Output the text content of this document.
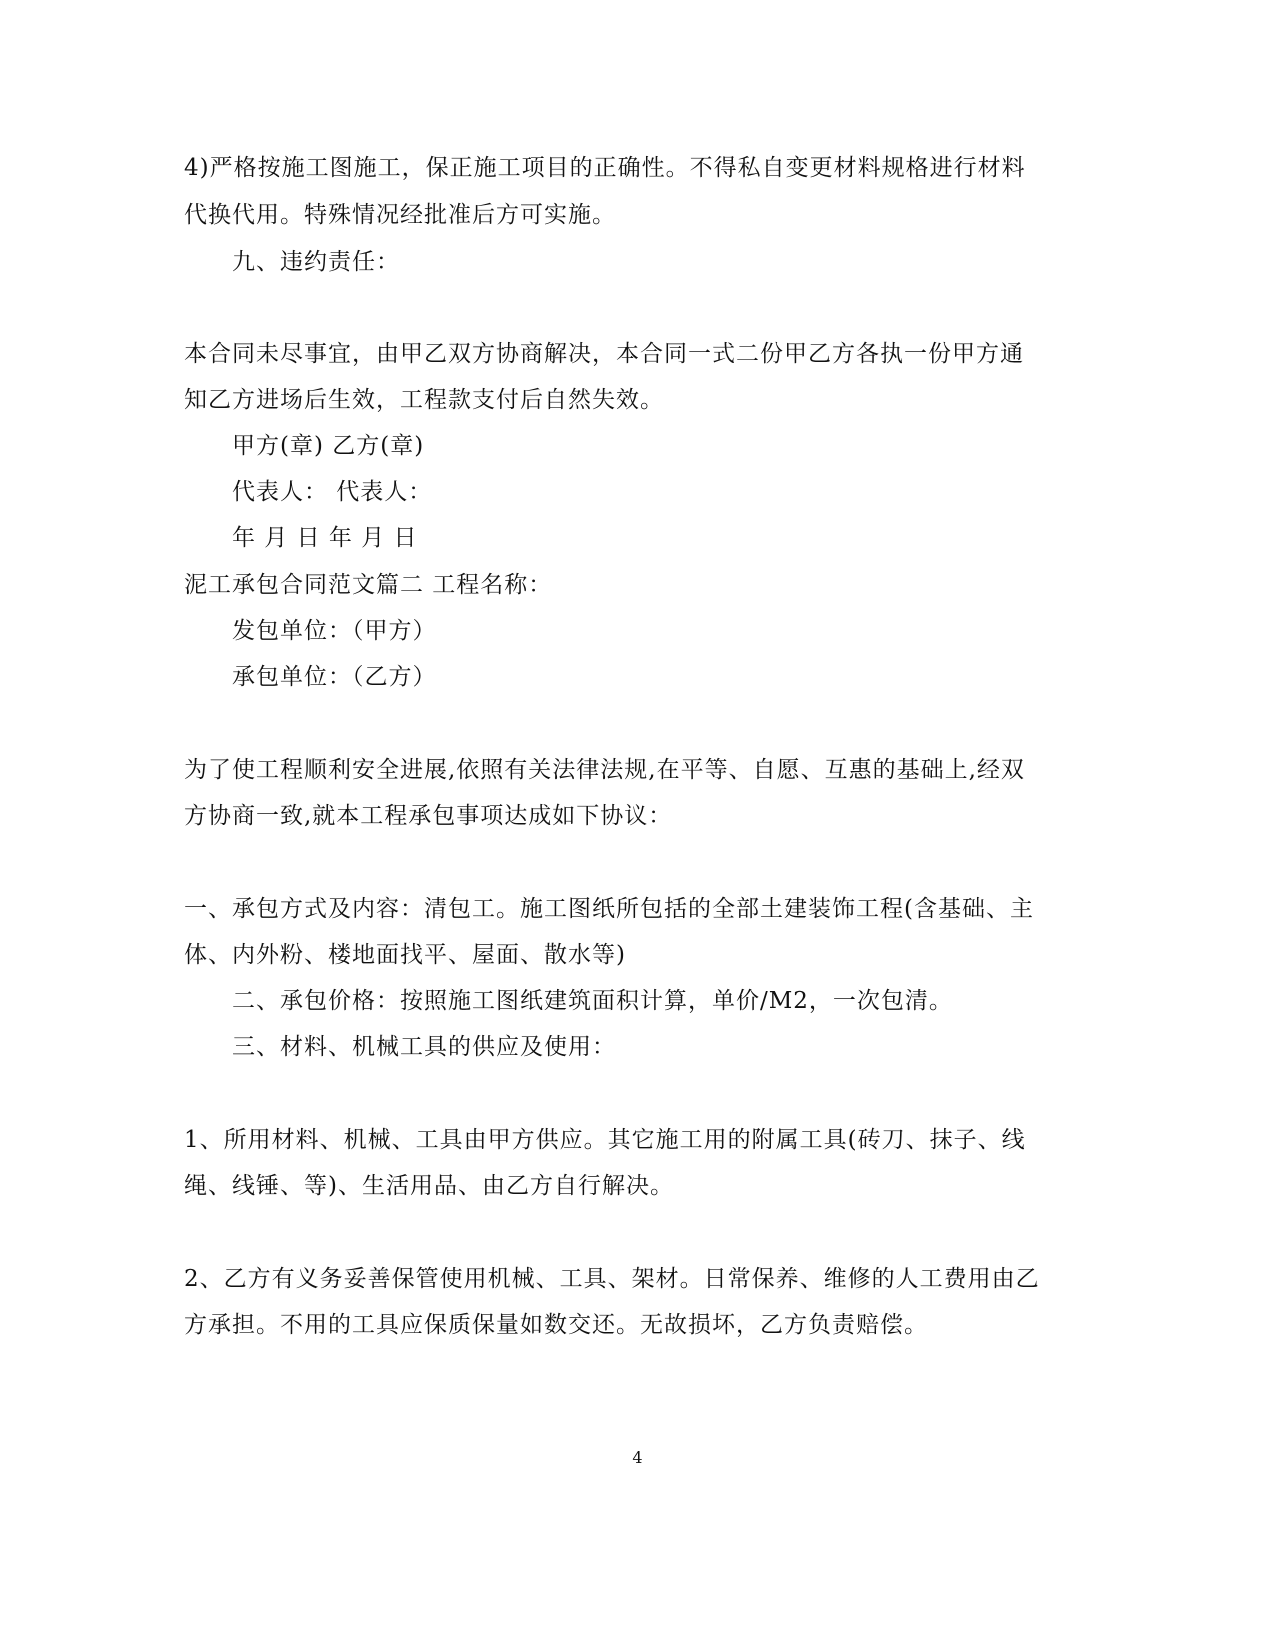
4)严格按施工图施工，保正施工项目的正确性。不得私自变更材料规格进行材料
代换代用。特殊情况经批准后方可实施。
九、违约责任：
本合同未尽事宜，由甲乙双方协商解决，本合同一式二份甲乙方各执一份甲方通
知乙方进场后生效，工程款支付后自然失效。
甲方(章) 乙方(章)
代表人： 代表人：
年 月 日 年 月 日
泥工承包合同范文篇二 工程名称：
发包单位：（甲方）
承包单位：（乙方）
为了使工程顺利安全进展,依照有关法律法规,在平等、自愿、互惠的基础上,经双
方协商一致,就本工程承包事项达成如下协议：
一、承包方式及内容：清包工。施工图纸所包括的全部土建装饰工程(含基础、主
体、内外粉、楼地面找平、屋面、散水等)
二、承包价格：按照施工图纸建筑面积计算，单价/M2，一次包清。
三、材料、机械工具的供应及使用：
1、所用材料、机械、工具由甲方供应。其它施工用的附属工具(砖刀、抹子、线
绳、线锤、等)、生活用品、由乙方自行解决。
2、乙方有义务妥善保管使用机械、工具、架材。日常保养、维修的人工费用由乙
方承担。不用的工具应保质保量如数交还。无故损坏，乙方负责赔偿。
4
